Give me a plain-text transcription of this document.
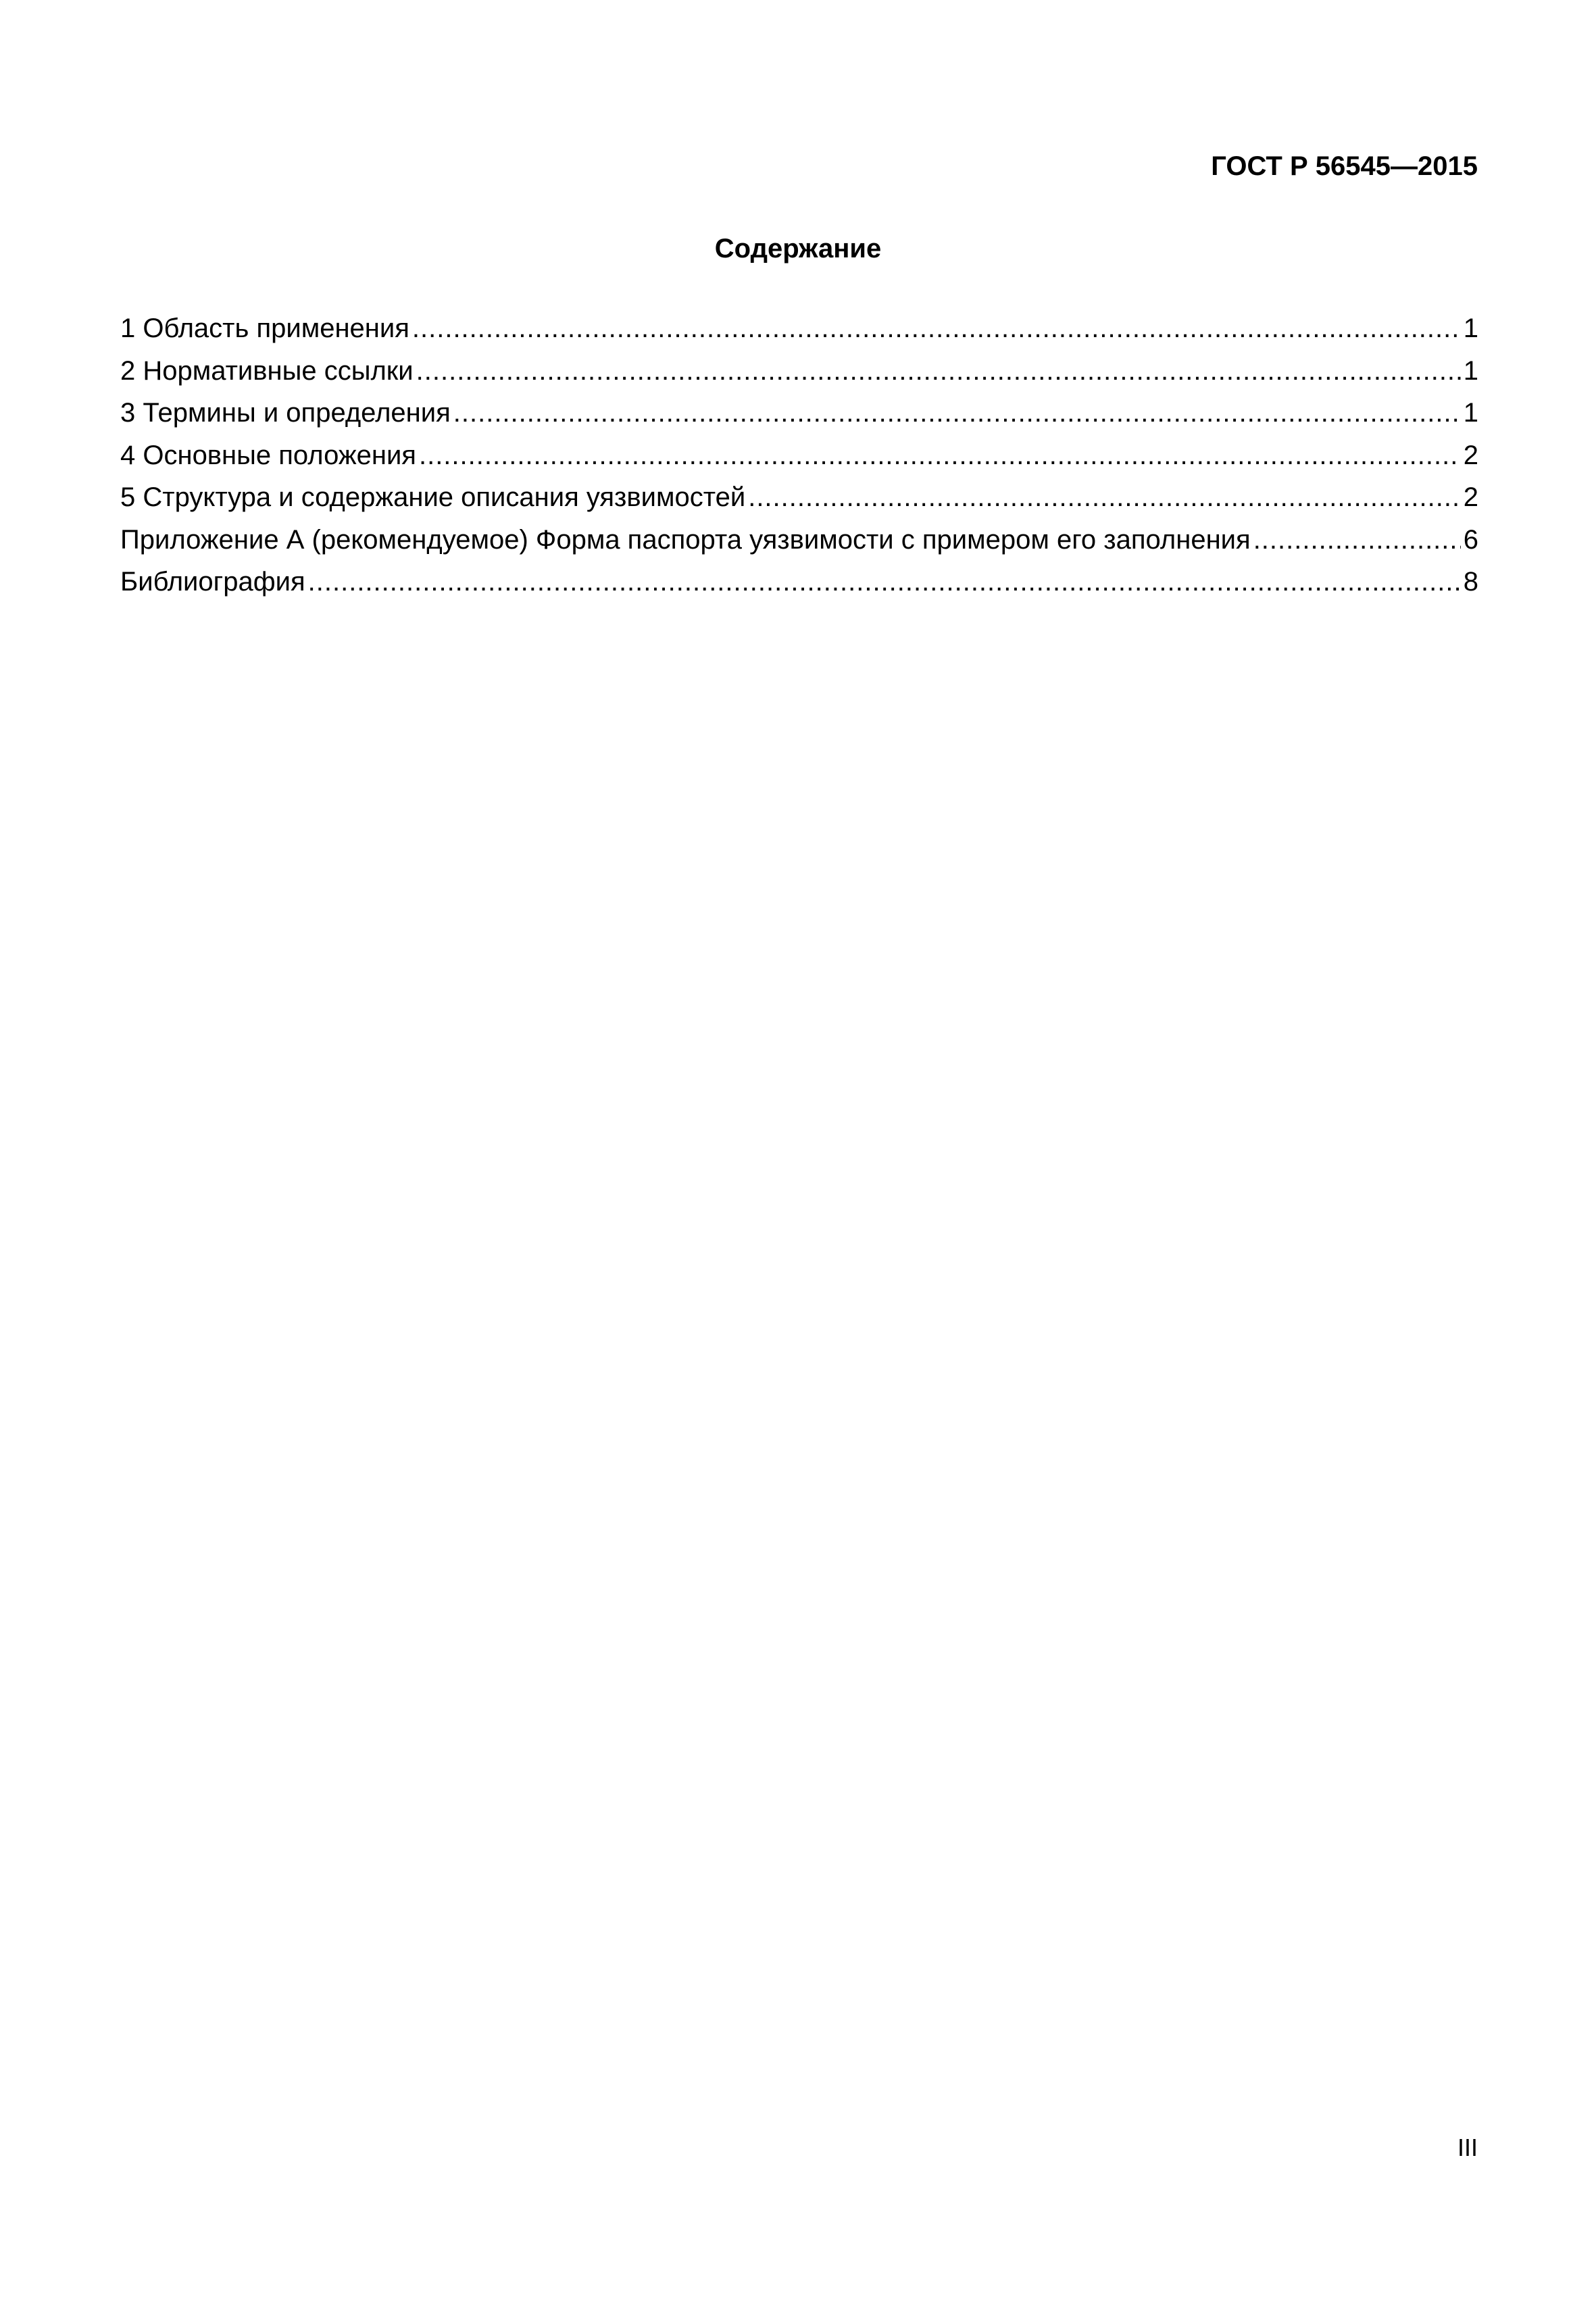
ГОСТ Р 56545—2015
Содержание
1 Область применения .....	1
2 Нормативные ссылки .....	1
3 Термины и определения .....	1
4 Основные положения .....	2
5 Структура и содержание описания уязвимостей .....	2
Приложение А (рекомендуемое) Форма паспорта уязвимости с примером его заполнения .....	6
Библиография .....	8
III
